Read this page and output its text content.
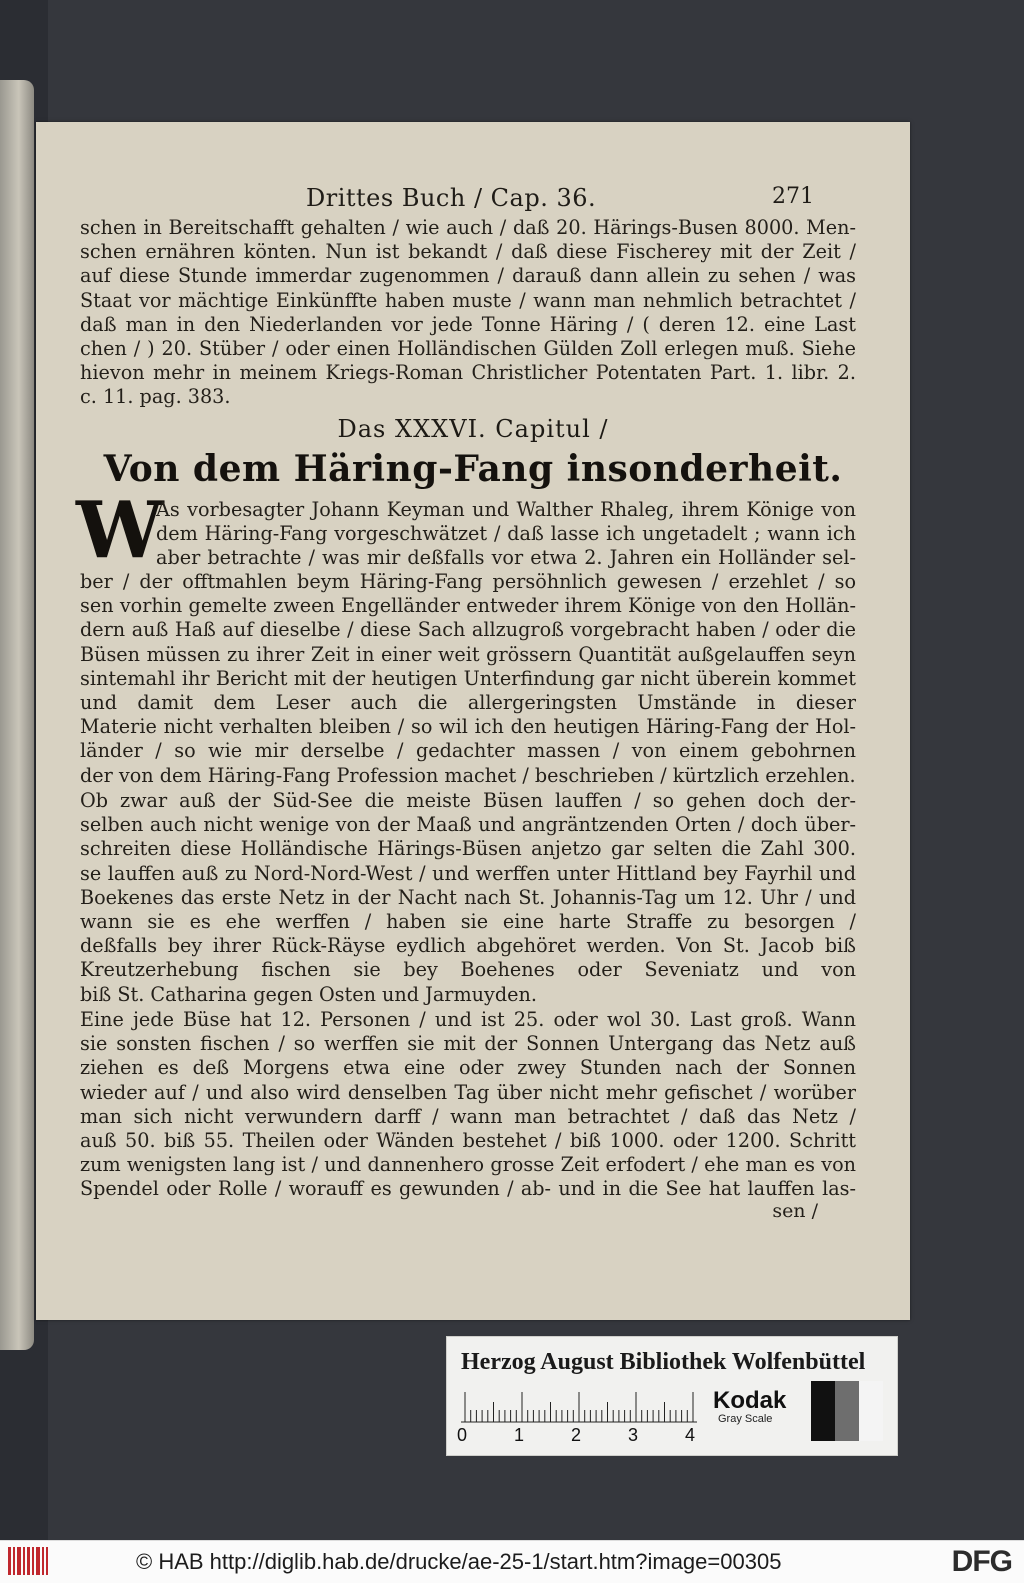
Drittes Buch / Cap. 36.	271
schen in Bereitschafft gehalten / wie auch / daß 20. Härings-Busen 8000. Men-
schen ernähren könten. Nun ist bekandt / daß diese Fischerey mit der Zeit /
auf diese Stunde immerdar zugenommen / darauß dann allein zu sehen / was
Staat vor mächtige Einkünffte haben muste / wann man nehmlich betrachtet /
daß man in den Niederlanden vor jede Tonne Häring / ( deren 12. eine Last
chen / ) 20. Stüber / oder einen Holländischen Gülden Zoll erlegen muß. Siehe
hievon mehr in meinem Kriegs-Roman Christlicher Potentaten Part. 1. libr. 2.
c. 11. pag. 383.
Das XXXVI. Capitul /
Von dem Häring-Fang insonderheit.
W
As vorbesagter Johann Keyman und Walther Rhaleg, ihrem Könige von
dem Häring-Fang vorgeschwätzet / daß lasse ich ungetadelt ; wann ich
aber betrachte / was mir deßfalls vor etwa 2. Jahren ein Holländer sel-
ber / der offtmahlen beym Häring-Fang persöhnlich gewesen / erzehlet / so
sen vorhin gemelte zween Engelländer entweder ihrem Könige von den Hollän-
dern auß Haß auf dieselbe / diese Sach allzugroß vorgebracht haben / oder die
Büsen müssen zu ihrer Zeit in einer weit grössern Quantität außgelauffen seyn
sintemahl ihr Bericht mit der heutigen Unterfindung gar nicht überein kommet
und damit dem Leser auch die allergeringsten Umstände in dieser
Materie nicht verhalten bleiben / so wil ich den heutigen Häring-Fang der Hol-
länder / so wie mir derselbe / gedachter massen / von einem gebohrnen
der von dem Häring-Fang Profession machet / beschrieben / kürtzlich erzehlen.
Ob zwar auß der Süd-See die meiste Büsen lauffen / so gehen doch der-
selben auch nicht wenige von der Maaß und angräntzenden Orten / doch über-
schreiten diese Holländische Härings-Büsen anjetzo gar selten die Zahl 300.
se lauffen auß zu Nord-Nord-West / und werffen unter Hittland bey Fayrhil und
Boekenes das erste Netz in der Nacht nach St. Johannis-Tag um 12. Uhr / und
wann sie es ehe werffen / haben sie eine harte Straffe zu besorgen /
deßfalls bey ihrer Rück-Räyse eydlich abgehöret werden. Von St. Jacob biß
Kreutzerhebung fischen sie bey Boehenes oder Seveniatz und von
biß St. Catharina gegen Osten und Jarmuyden.
Eine jede Büse hat 12. Personen / und ist 25. oder wol 30. Last groß. Wann
sie sonsten fischen / so werffen sie mit der Sonnen Untergang das Netz auß
ziehen es deß Morgens etwa eine oder zwey Stunden nach der Sonnen
wieder auf / und also wird denselben Tag über nicht mehr gefischet / worüber
man sich nicht verwundern darff / wann man betrachtet / daß das Netz /
auß 50. biß 55. Theilen oder Wänden bestehet / biß 1000. oder 1200. Schritt
zum wenigsten lang ist / und dannenhero grosse Zeit erfodert / ehe man es von
Spendel oder Rolle / worauff es gewunden / ab- und in die See hat lauffen las-
sen /
Herzog August Bibliothek Wolfenbüttel
0	1	2	3	4
Kodak
Gray Scale
© HAB http://diglib.hab.de/drucke/ae-25-1/start.htm?image=00305	DFG
